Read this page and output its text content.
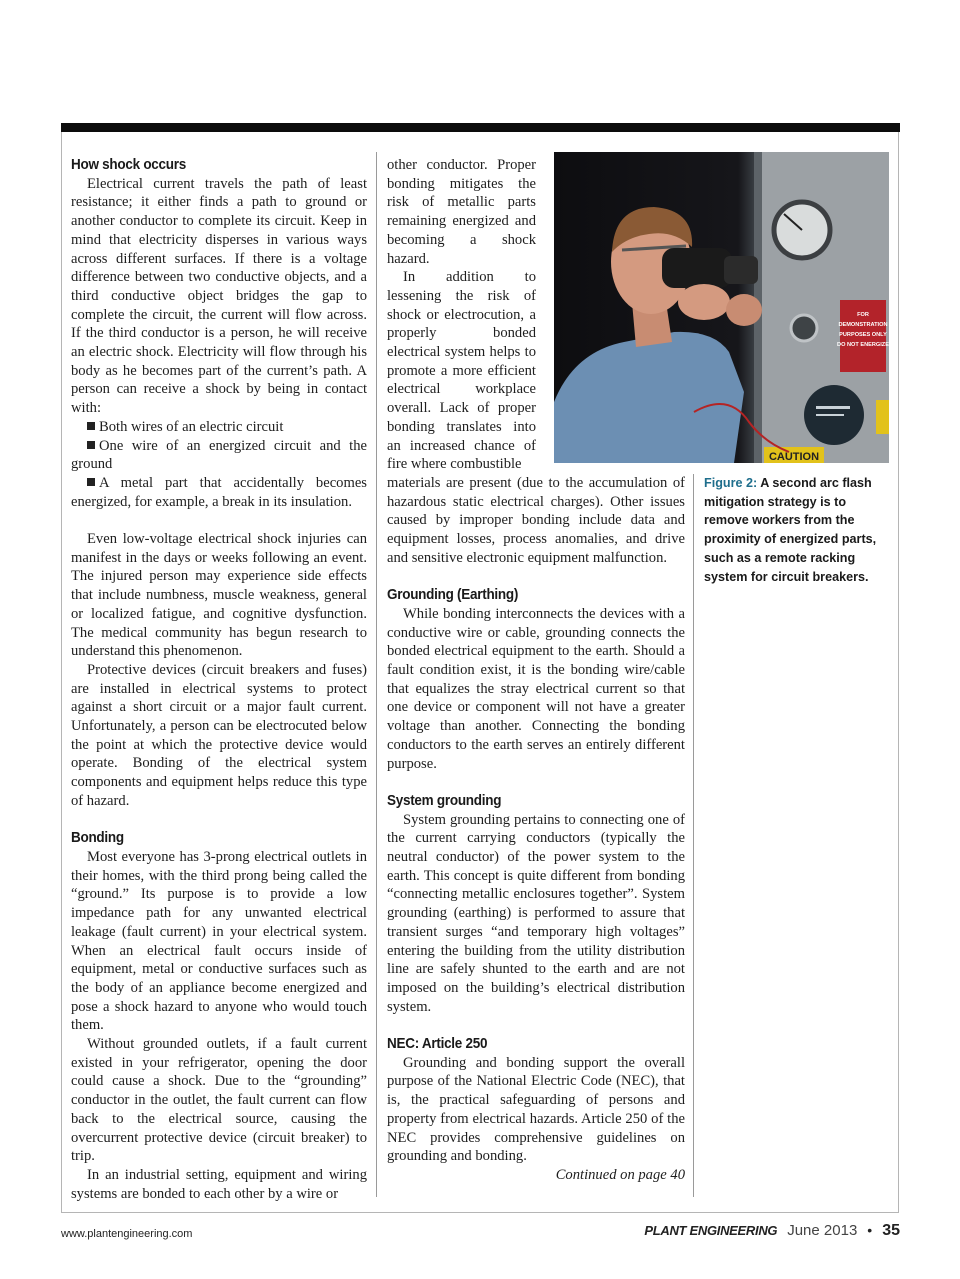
How shock occurs

Electrical current travels the path of least resistance; it either finds a path to ground or another conductor to complete its circuit. Keep in mind that electricity disperses in various ways across different surfaces. If there is a voltage difference between two conductive objects, and a third conductive object bridges the gap to complete the circuit, the current will flow across. If the third conductor is a person, he will receive an electric shock. Electricity will flow through his body as he becomes part of the current’s path. A person can receive a shock by being in contact with:

Both wires of an electric circuit

One wire of an energized circuit and the ground

A metal part that accidentally becomes energized, for example, a break in its insulation.

Even low-voltage electrical shock injuries can manifest in the days or weeks following an event. The injured person may experience side effects that include numbness, muscle weakness, general or localized fatigue, and cognitive dysfunction. The medical community has begun research to understand this phenomenon.

Protective devices (circuit breakers and fuses) are installed in electrical systems to protect against a short circuit or a major fault current. Unfortunately, a person can be electrocuted below the point at which the protective device would operate. Bonding of the electrical system components and equipment helps reduce this type of hazard.

Bonding

Most everyone has 3-prong electrical outlets in their homes, with the third prong being called the “ground.” Its purpose is to provide a low impedance path for any unwanted electrical leakage (fault current) in your electrical system. When an electrical fault occurs inside of equipment, metal or conductive surfaces such as the body of an appliance become energized and pose a shock hazard to anyone who would touch them.

Without grounded outlets, if a fault current existed in your refrigerator, opening the door could cause a shock. Due to the “grounding” conductor in the outlet, the fault current can flow back to the electrical source, causing the overcurrent protective device (circuit breaker) to trip.

In an industrial setting, equipment and wiring systems are bonded to each other by a wire or

other conductor. Proper bonding mitigates the risk of metallic parts remaining energized and becoming a shock hazard.

In addition to lessening the risk of shock or electrocution, a properly bonded electrical system helps to promote a more efficient electrical workplace overall. Lack of proper bonding translates into an increased chance of fire where combustible

materials are present (due to the accumulation of hazardous static electrical charges). Other issues caused by improper bonding include data and equipment losses, process anomalies, and drive and sensitive electronic equipment malfunction.

Grounding (Earthing)

While bonding interconnects the devices with a conductive wire or cable, grounding connects the bonded electrical equipment to the earth. Should a fault condition exist, it is the bonding wire/cable that equalizes the stray electrical current so that one device or component will not have a greater voltage than another. Connecting the bonding conductors to the earth serves an entirely different purpose.

System grounding

System grounding pertains to connecting one of the current carrying conductors (typically the neutral conductor) of the power system to the earth. This concept is quite different from bonding “connecting metallic enclosures together”. System grounding (earthing) is performed to assure that transient surges “and temporary high voltages” entering the building from the utility distribution line are safely shunted to the earth and are not imposed on the building’s electrical distribution system.

NEC: Article 250

Grounding and bonding support the overall purpose of the National Electric Code (NEC), that is, the practical safeguarding of persons and property from electrical hazards. Article 250 of the NEC provides comprehensive guidelines on grounding and bonding.

Continued on page 40

FOR
DEMONSTRATION
PURPOSES ONLY
DO NOT ENERGIZE
CAUTION
Figure 2: A second arc flash mitigation strategy is to remove workers from the proximity of energized parts, such as a remote racking system for circuit breakers.
www.plantengineering.com	PLANT ENGINEERING June 2013 • 35
